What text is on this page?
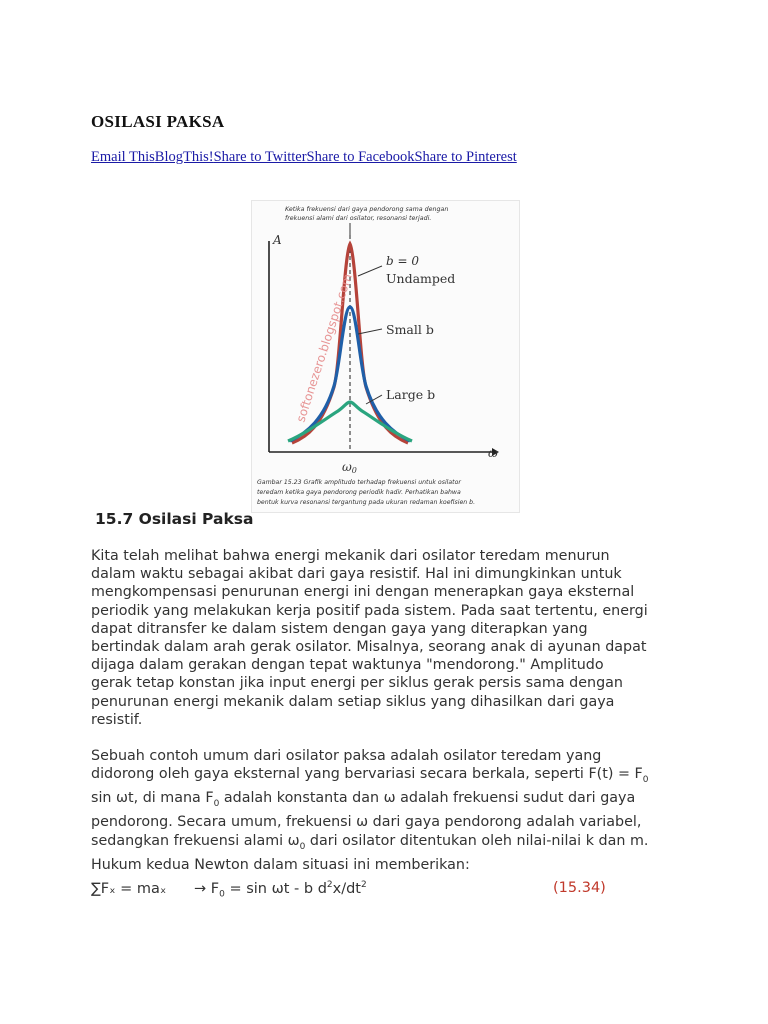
OSILASI PAKSA
Email ThisBlogThis!Share to TwitterShare to FacebookShare to Pinterest
Ketika frekuensi dari gaya pendorong sama dengan
frekuensi alami dari osilator, resonansi terjadi.
A
ω
ω0
b = 0
Undamped
Small b
Large b
softonezero.blogspot.com
Gambar 15.23 Grafik amplitudo terhadap frekuensi untuk osilator
teredam ketika gaya pendorong periodik hadir. Perhatikan bahwa
bentuk kurva resonansi tergantung pada ukuran redaman koefisien b.
15.7 Osilasi Paksa
Kita telah melihat bahwa energi mekanik dari osilator teredam menurun
dalam waktu sebagai akibat dari gaya resistif. Hal ini dimungkinkan untuk
mengkompensasi penurunan energi ini dengan menerapkan gaya eksternal
periodik yang melakukan kerja positif pada sistem. Pada saat tertentu, energi
dapat ditransfer ke dalam sistem dengan gaya yang diterapkan yang
bertindak dalam arah gerak osilator. Misalnya, seorang anak di ayunan dapat
dijaga dalam gerakan dengan tepat waktunya "mendorong." Amplitudo
gerak tetap konstan jika input energi per siklus gerak persis sama dengan
penurunan energi mekanik dalam setiap siklus yang dihasilkan dari gaya
resistif.
Sebuah contoh umum dari osilator paksa adalah osilator teredam yang
didorong oleh gaya eksternal yang bervariasi secara berkala, seperti $F(t) = F_0$
sin ωt, di mana $F_0$ adalah konstanta dan ω adalah frekuensi sudut dari gaya
pendorong. Secara umum, frekuensi ω dari gaya pendorong adalah variabel,
sedangkan frekuensi alami $\omega_0$ dari osilator ditentukan oleh nilai-nilai k dan m.
Hukum kedua Newton dalam situasi ini memberikan:
∑Fₓ = maₓ      → $F_0 = \sin \omega t - b$ $d^2x/dt^2$	(15.34)
